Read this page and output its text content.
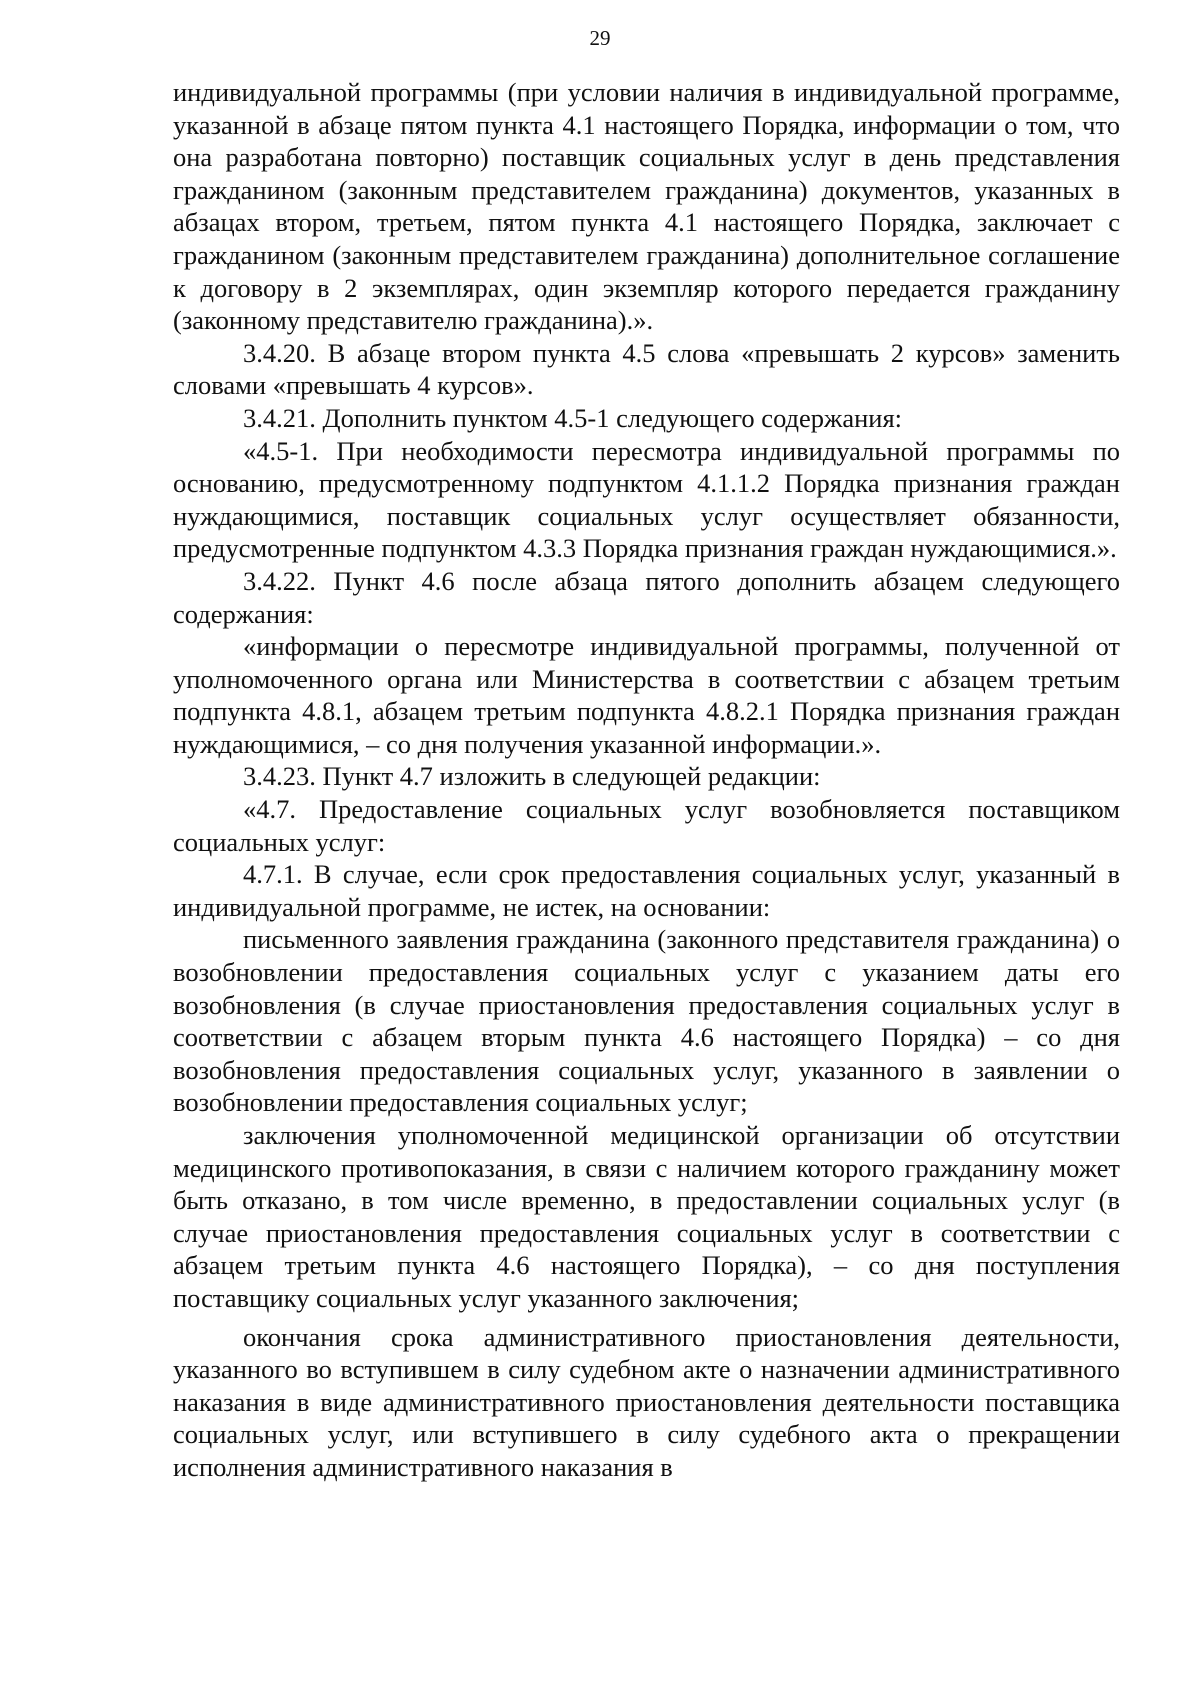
29

индивидуальной программы (при условии наличия в индивидуальной программе, указанной в абзаце пятом пункта 4.1 настоящего Порядка, информации о том, что она разработана повторно) поставщик социальных услуг в день представления гражданином (законным представителем гражданина) документов, указанных в абзацах втором, третьем, пятом пункта 4.1 настоящего Порядка, заключает с гражданином (законным представителем гражданина) дополнительное соглашение к договору в 2 экземплярах, один экземпляр которого передается гражданину (законному представителю гражданина).».

3.4.20. В абзаце втором пункта 4.5 слова «превышать 2 курсов» заменить словами «превышать 4 курсов».

3.4.21. Дополнить пунктом 4.5-1 следующего содержания:

«4.5-1. При необходимости пересмотра индивидуальной программы по основанию, предусмотренному подпунктом 4.1.1.2 Порядка признания граждан нуждающимися, поставщик социальных услуг осуществляет обязанности, предусмотренные подпунктом 4.3.3 Порядка признания граждан нуждающимися.».

3.4.22. Пункт 4.6 после абзаца пятого дополнить абзацем следующего содержания:

«информации о пересмотре индивидуальной программы, полученной от уполномоченного органа или Министерства в соответствии с абзацем третьим подпункта 4.8.1, абзацем третьим подпункта 4.8.2.1 Порядка признания граждан нуждающимися, – со дня получения указанной информации.».

3.4.23. Пункт 4.7 изложить в следующей редакции:

«4.7. Предоставление социальных услуг возобновляется поставщиком социальных услуг:

4.7.1. В случае, если срок предоставления социальных услуг, указанный в индивидуальной программе, не истек, на основании:

письменного заявления гражданина (законного представителя гражданина) о возобновлении предоставления социальных услуг с указанием даты его возобновления (в случае приостановления предоставления социальных услуг в соответствии с абзацем вторым пункта 4.6 настоящего Порядка) – со дня возобновления предоставления социальных услуг, указанного в заявлении о возобновлении предоставления социальных услуг;

заключения уполномоченной медицинской организации об отсутствии медицинского противопоказания, в связи с наличием которого гражданину может быть отказано, в том числе временно, в предоставлении социальных услуг (в случае приостановления предоставления социальных услуг в соответствии с абзацем третьим пункта 4.6 настоящего Порядка), – со дня поступления поставщику социальных услуг указанного заключения;

окончания срока административного приостановления деятельности, указанного во вступившем в силу судебном акте о назначении административного наказания в виде административного приостановления деятельности поставщика социальных услуг, или вступившего в силу судебного акта о прекращении исполнения административного наказания в
